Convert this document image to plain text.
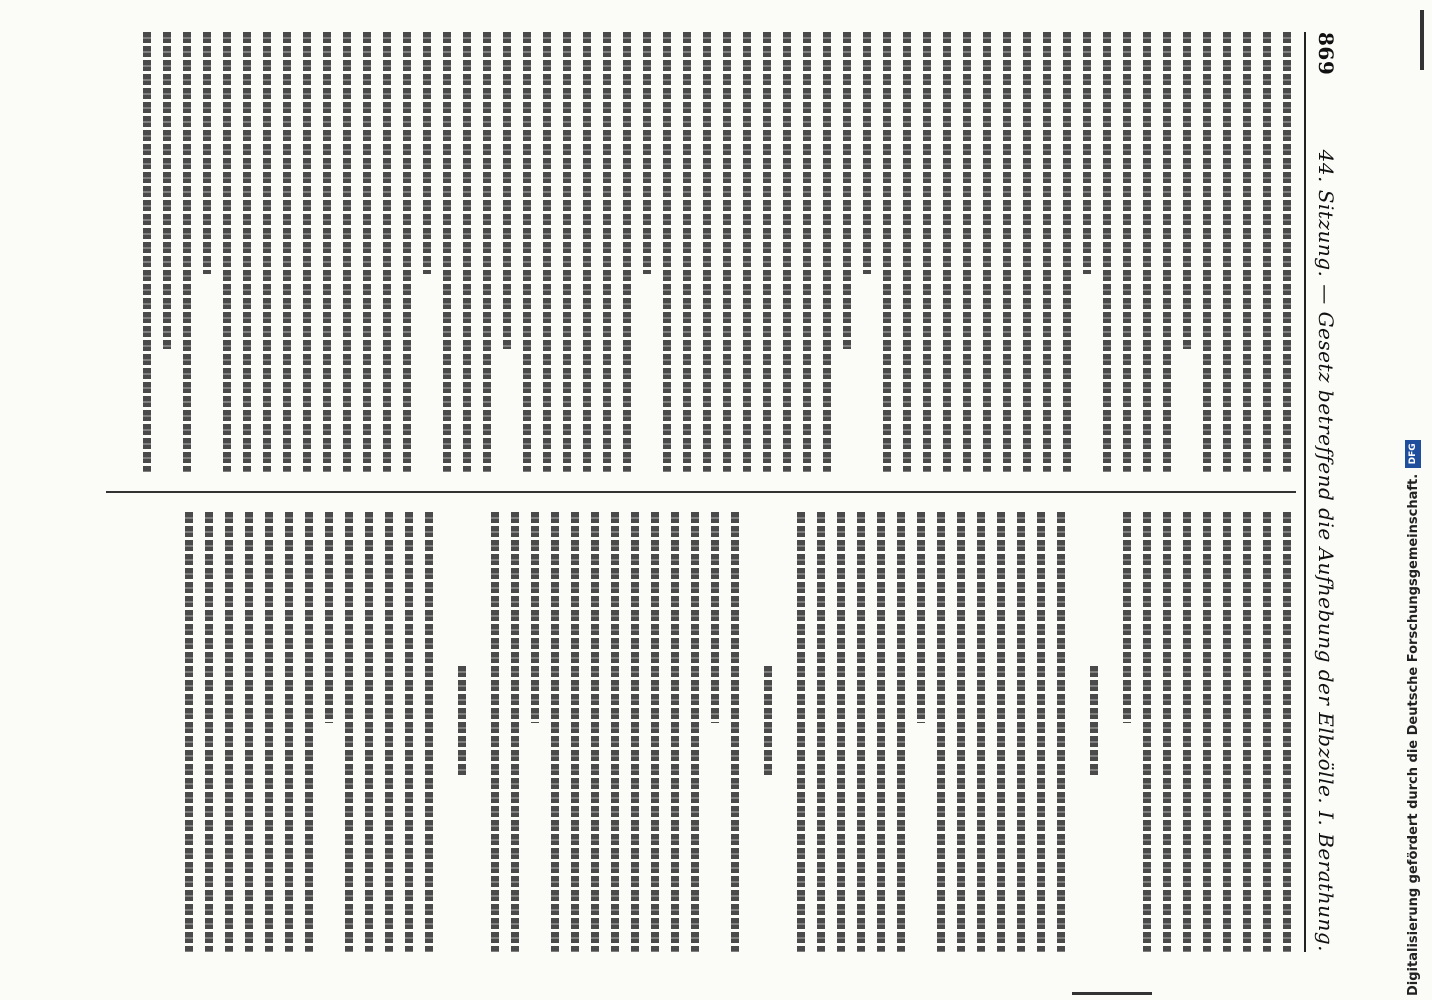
869
44. Sitzung. — Gesetz betreffend die Aufhebung der Elbzölle. I. Berathung.	Digitalisierung gefördert durch die Deutsche Forschungsgemeinschaft.
DFG
